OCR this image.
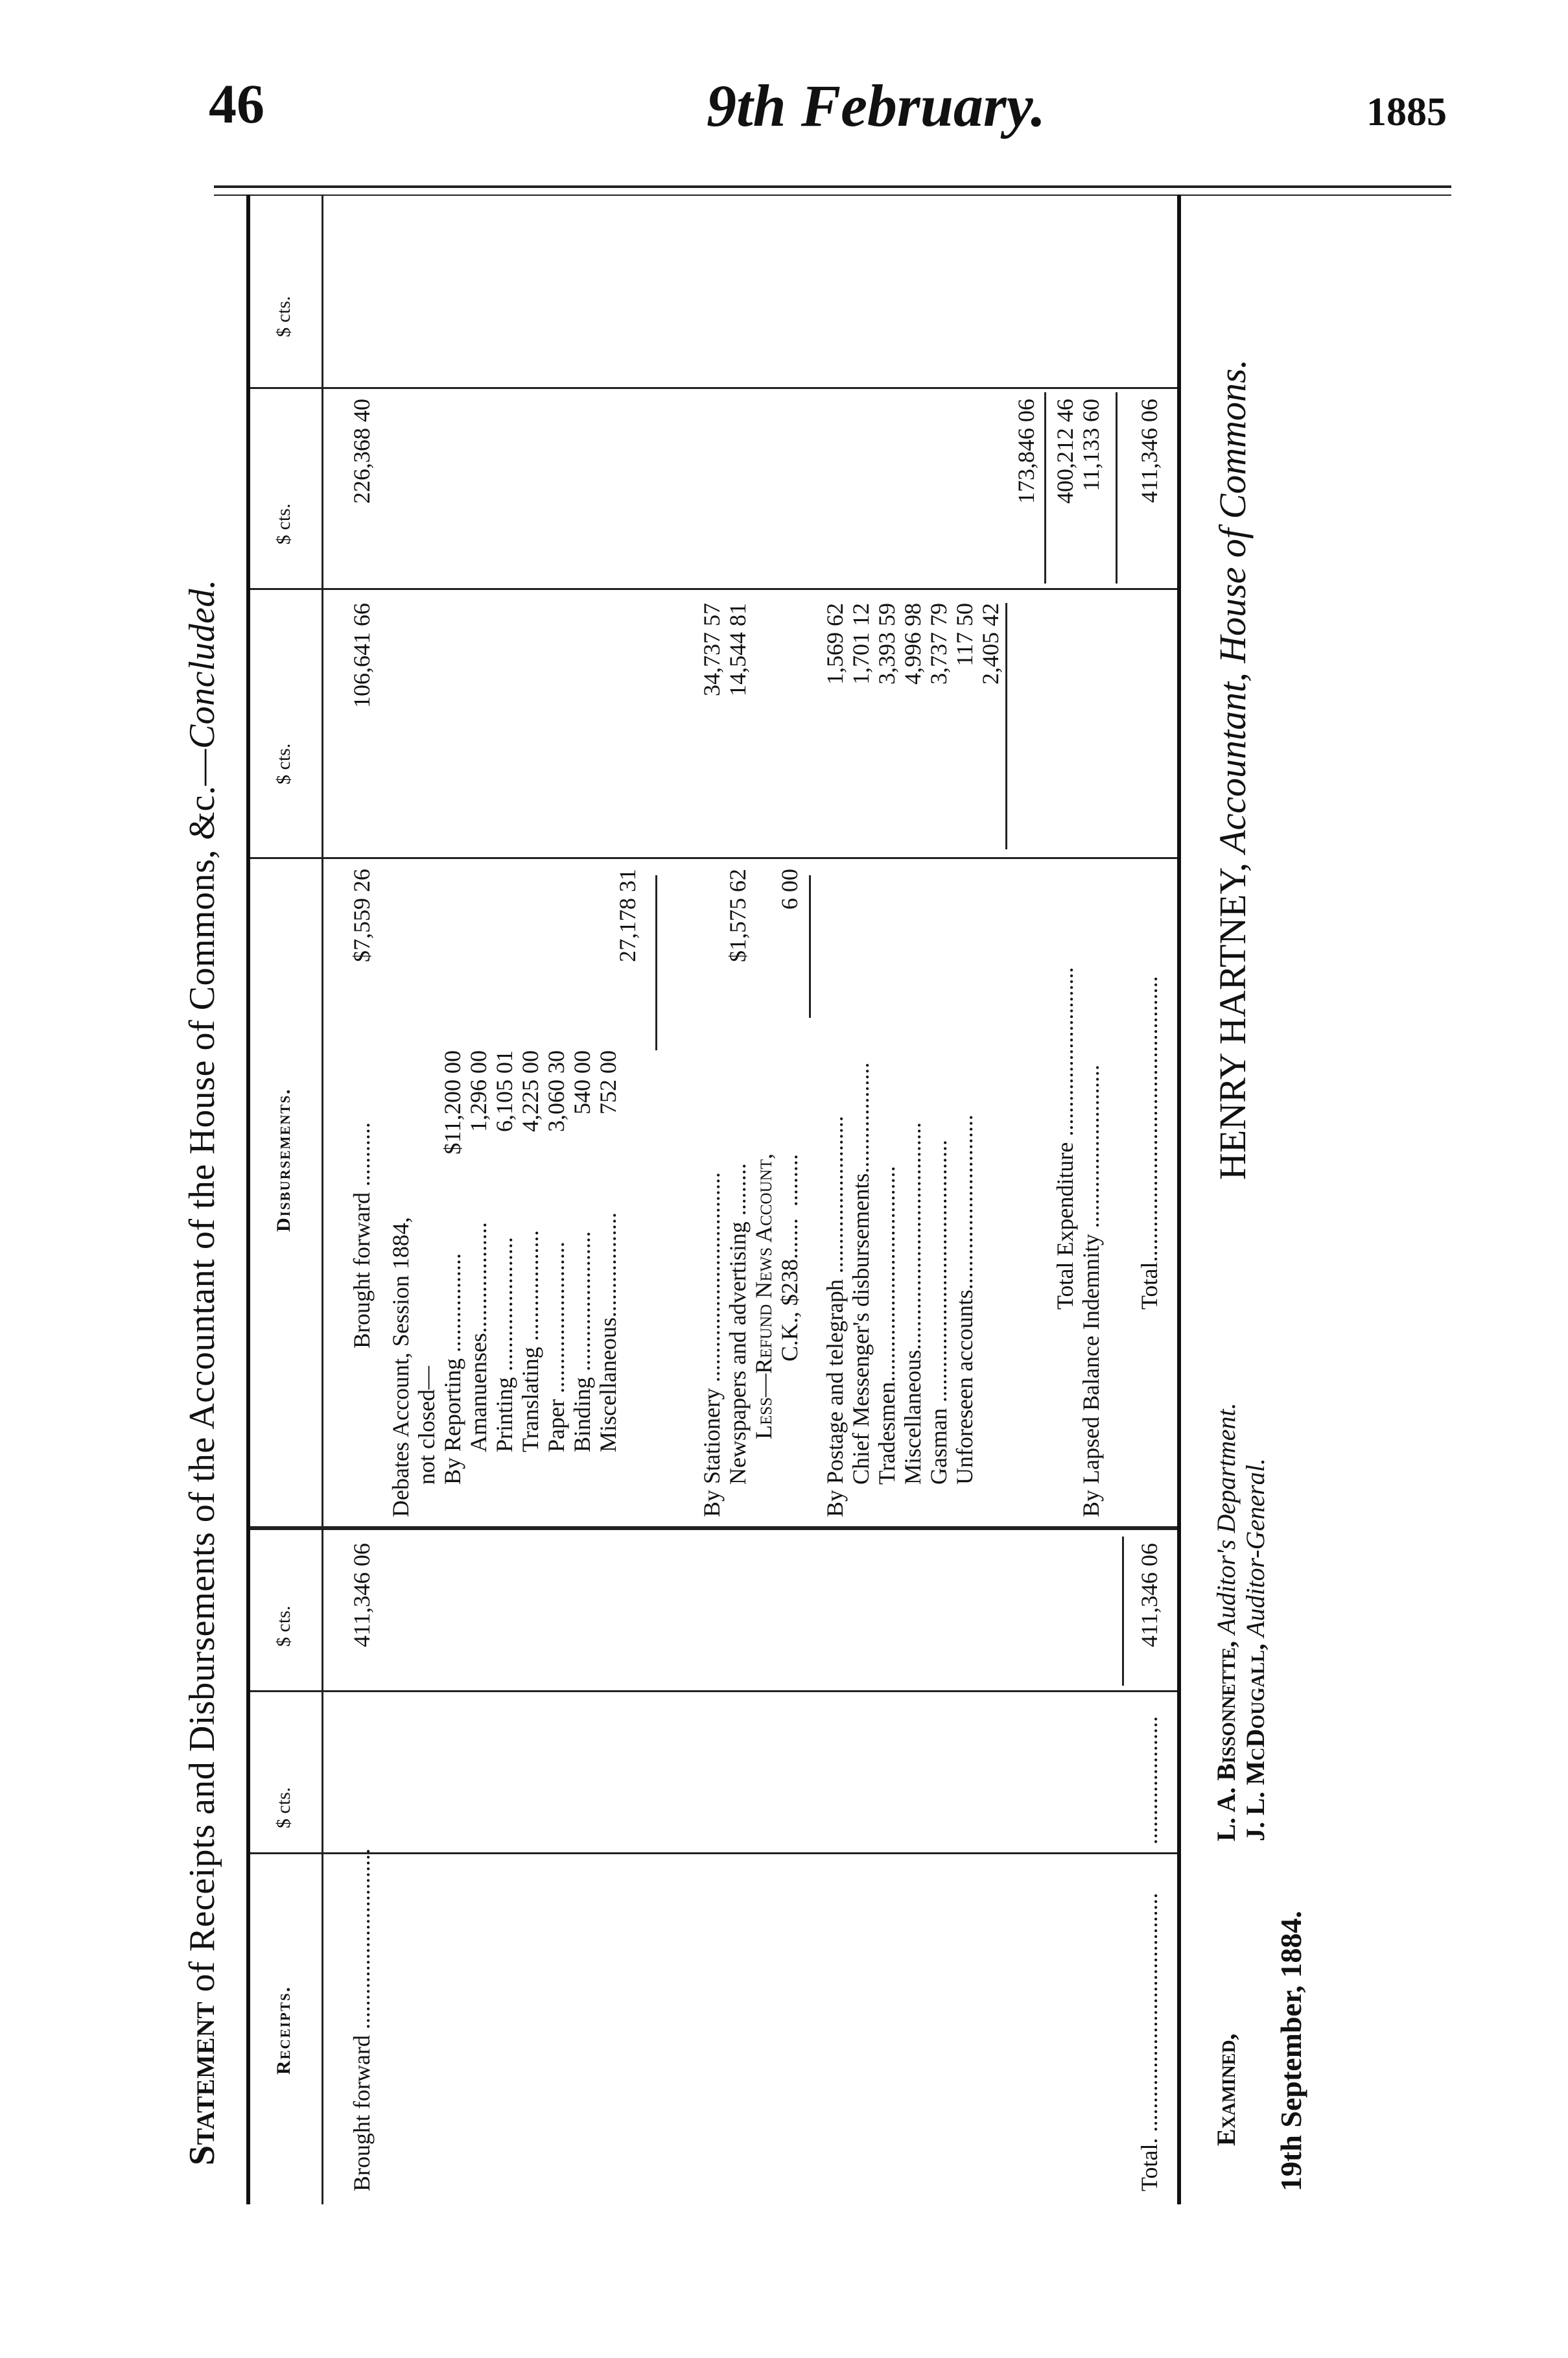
46	9th February.	1885
Statement of Receipts and Disbursements of the Accountant of the House of Commons, &c.—Concluded.
Receipts.
$ cts.
$ cts.
Disbursements.
$ cts.
$ cts.
$ cts.
Brought forward ...............................
411,346 06
Total. .........................................
......................
411,346 06
Brought forward ...........
$7,559 26
106,641 66
226,368 40
Debates Account, Session 1884, not closed— By Reporting .................
$11,200 00
Amanuenses...................
1,296 00
Printing .......................
6,105 01
Translating ...................
4,225 00
Paper ..........................
3,060 30
Binding ........................
540 00
Miscellaneous..................
752 00
27,178 31
By Stationery ....................................
34,737 57
Newspapers and advertising .........
$1,575 62
14,544 81
Less—Refund News Account, C.K., $238.......  .........
6 00
By Postage and telegraph ...........................
1,569 62
Chief Messenger's disbursements...................
1,701 12
Tradesmen.....................................
3,393 59
Miscellaneous.......................................
4,996 98
Gasman .............................................
3,737 79
Unforeseen accounts..............................
117 50 2,405 42
173,846 06
Total Expenditure .............................
400,212 46
By Lapsed Balance Indemnity ............................
11,133 60
Total.................................................
411,346 06
Examined,
L. A. Bissonnette, Auditor's Department.
J. L. McDougall, Auditor-General.
HENRY HARTNEY, Accountant, House of Commons.
19th September, 1884.
